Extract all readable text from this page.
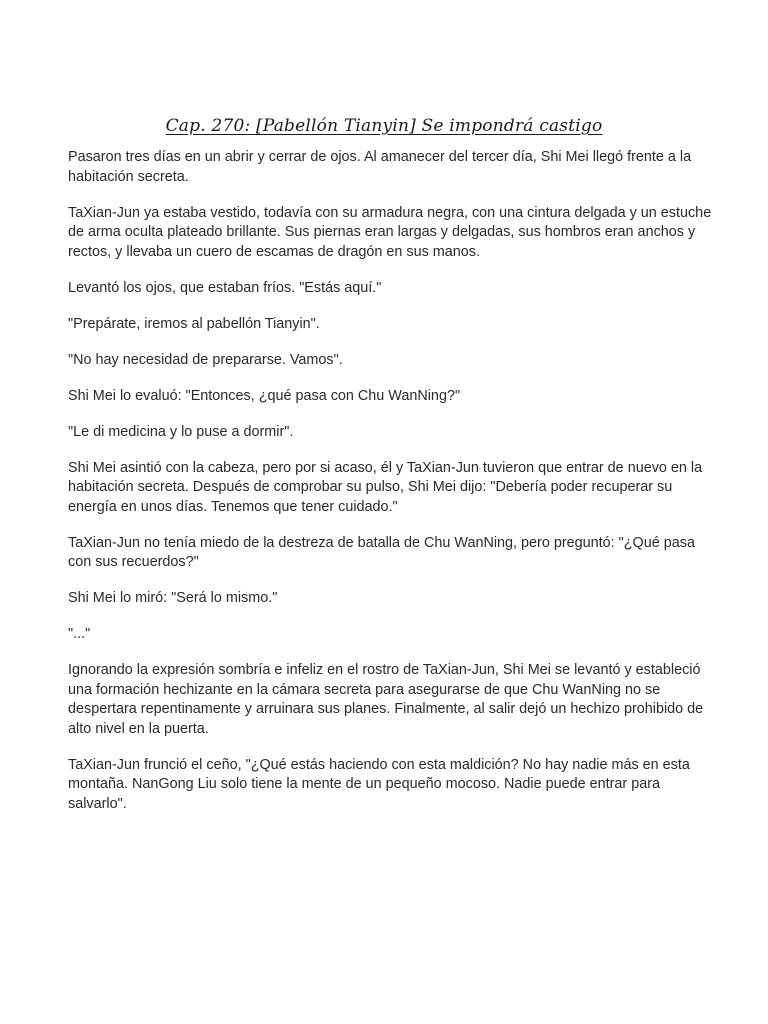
Cap. 270: [Pabellón Tianyin] Se impondrá castigo

Pasaron tres días en un abrir y cerrar de ojos. Al amanecer del tercer día, Shi Mei llegó frente a la habitación secreta.

TaXian-Jun ya estaba vestido, todavía con su armadura negra, con una cintura delgada y un estuche de arma oculta plateado brillante. Sus piernas eran largas y delgadas, sus hombros eran anchos y rectos, y llevaba un cuero de escamas de dragón en sus manos.

Levantó los ojos, que estaban fríos. "Estás aquí."

"Prepárate, iremos al pabellón Tianyin".

"No hay necesidad de prepararse. Vamos".

Shi Mei lo evaluó: "Entonces, ¿qué pasa con Chu WanNing?"

"Le di medicina y lo puse a dormir".

Shi Mei asintió con la cabeza, pero por si acaso, él y TaXian-Jun tuvieron que entrar de nuevo en la habitación secreta. Después de comprobar su pulso, Shi Mei dijo: "Debería poder recuperar su energía en unos días. Tenemos que tener cuidado."

TaXian-Jun no tenía miedo de la destreza de batalla de Chu WanNing, pero preguntó: "¿Qué pasa con sus recuerdos?"

Shi Mei lo miró: "Será lo mismo."

"..."

Ignorando la expresión sombría e infeliz en el rostro de TaXian-Jun, Shi Mei se levantó y estableció una formación hechizante en la cámara secreta para asegurarse de que Chu WanNing no se despertara repentinamente y arruinara sus planes. Finalmente, al salir dejó un hechizo prohibido de alto nivel en la puerta.

TaXian-Jun frunció el ceño, "¿Qué estás haciendo con esta maldición? No hay nadie más en esta montaña. NanGong Liu solo tiene la mente de un pequeño mocoso. Nadie puede entrar para salvarlo".
